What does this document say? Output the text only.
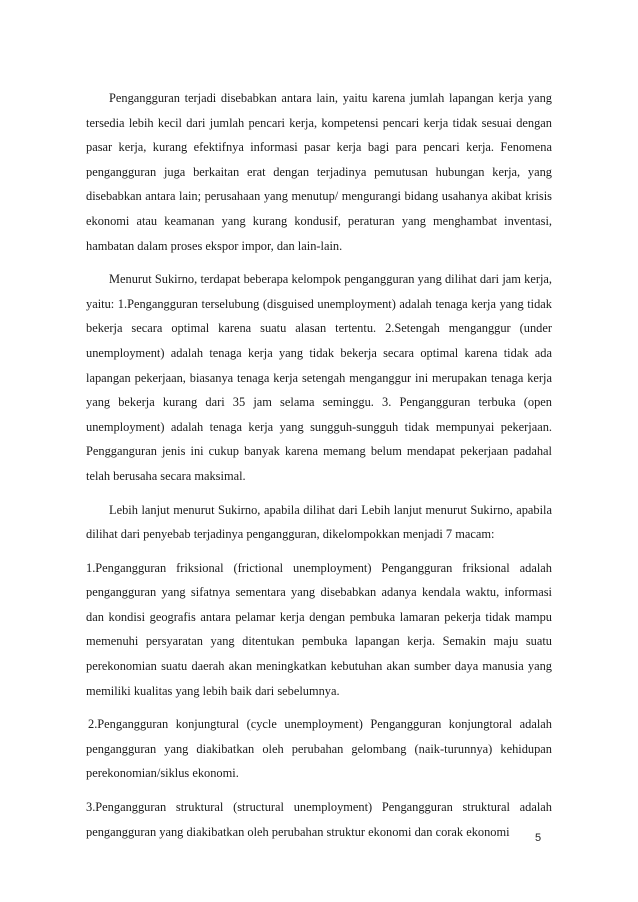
Pengangguran terjadi disebabkan antara lain, yaitu karena jumlah lapangan kerja yang tersedia lebih kecil dari jumlah pencari kerja, kompetensi pencari kerja tidak sesuai dengan pasar kerja, kurang efektifnya informasi pasar kerja bagi para pencari kerja. Fenomena pengangguran juga berkaitan erat dengan terjadinya pemutusan hubungan kerja, yang disebabkan antara lain; perusahaan yang menutup/ mengurangi bidang usahanya akibat krisis ekonomi atau keamanan yang kurang kondusif, peraturan yang menghambat inventasi, hambatan dalam proses ekspor impor, dan lain-lain.

Menurut Sukirno, terdapat beberapa kelompok pengangguran yang dilihat dari jam kerja, yaitu: 1.Pengangguran terselubung (disguised unemployment) adalah tenaga kerja yang tidak bekerja secara optimal karena suatu alasan tertentu. 2.Setengah menganggur (under unemployment) adalah tenaga kerja yang tidak bekerja secara optimal karena tidak ada lapangan pekerjaan, biasanya tenaga kerja setengah menganggur ini merupakan tenaga kerja yang bekerja kurang dari 35 jam selama seminggu. 3. Pengangguran terbuka (open unemployment) adalah tenaga kerja yang sungguh-sungguh tidak mempunyai pekerjaan. Pengganguran jenis ini cukup banyak karena memang belum mendapat pekerjaan padahal telah berusaha secara maksimal.

Lebih lanjut menurut Sukirno, apabila dilihat dari Lebih lanjut menurut Sukirno, apabila dilihat dari penyebab terjadinya pengangguran, dikelompokkan menjadi 7 macam:

1.Pengangguran friksional (frictional unemployment) Pengangguran friksional adalah pengangguran yang sifatnya sementara yang disebabkan adanya kendala waktu, informasi dan kondisi geografis antara pelamar kerja dengan pembuka lamaran pekerja tidak mampu memenuhi persyaratan yang ditentukan pembuka lapangan kerja. Semakin maju suatu perekonomian suatu daerah akan meningkatkan kebutuhan akan sumber daya manusia yang memiliki kualitas yang lebih baik dari sebelumnya.

2.Pengangguran konjungtural (cycle unemployment) Pengangguran konjungtoral adalah pengangguran yang diakibatkan oleh perubahan gelombang (naik-turunnya) kehidupan perekonomian/siklus ekonomi.

3.Pengangguran struktural (structural unemployment) Pengangguran struktural adalah pengangguran yang diakibatkan oleh perubahan struktur ekonomi dan corak ekonomi	5
